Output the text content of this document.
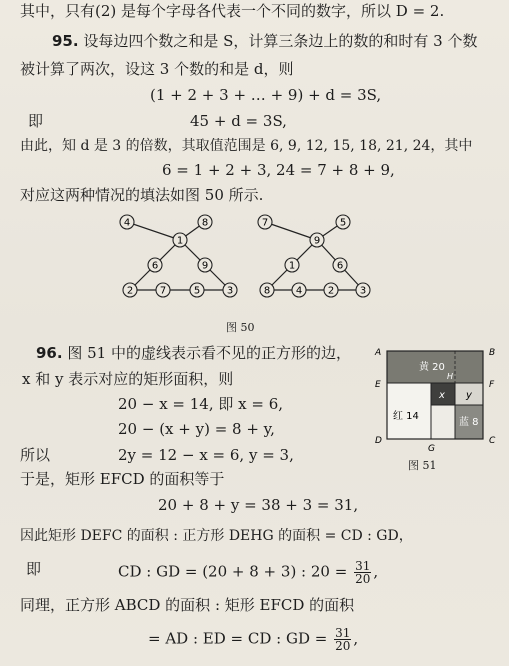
其中，只有(2) 是每个字母各代表一个不同的数字，所以 D = 2.
95. 设每边四个数之和是 S，计算三条边上的数的和时有 3 个数
被计算了两次，设这 3 个数的和是 d，则
(1 + 2 + 3 + … + 9) + d = 3S,
即	45 + d = 3S,
由此，知 d 是 3 的倍数，其取值范围是 6, 9, 12, 15, 18, 21, 24，其中
6 = 1 + 2 + 3, 24 = 7 + 8 + 9,
对应这两种情况的填法如图 50 所示.
4	8
1
6	9
2	7	5	3
7	5
9
1	6
8	4	2	3
图 50
96. 图 51 中的虚线表示看不见的正方形的边，
x 和 y 表示对应的矩形面积，则
20 − x = 14, 即 x = 6,
20 − (x + y) = 8 + y,
所以	2y = 12 − x = 6, y = 3,
于是，矩形 EFCD 的面积等于
20 + 8 + y = 38 + 3 = 31,
因此矩形 DEFC 的面积 : 正方形 DEHG 的面积 = CD : GD，
即	CD : GD = (20 + 8 + 3) : $20 = \frac{31}{20}$ ,
同理，正方形 ABCD 的面积 : 矩形 EFCD 的面积
= AD : ED = CD : GD = $\frac{31}{20}$ ,
A	B
E	F
D	C
G
H
黄 20
红 14
蓝 8
x y
图 51
